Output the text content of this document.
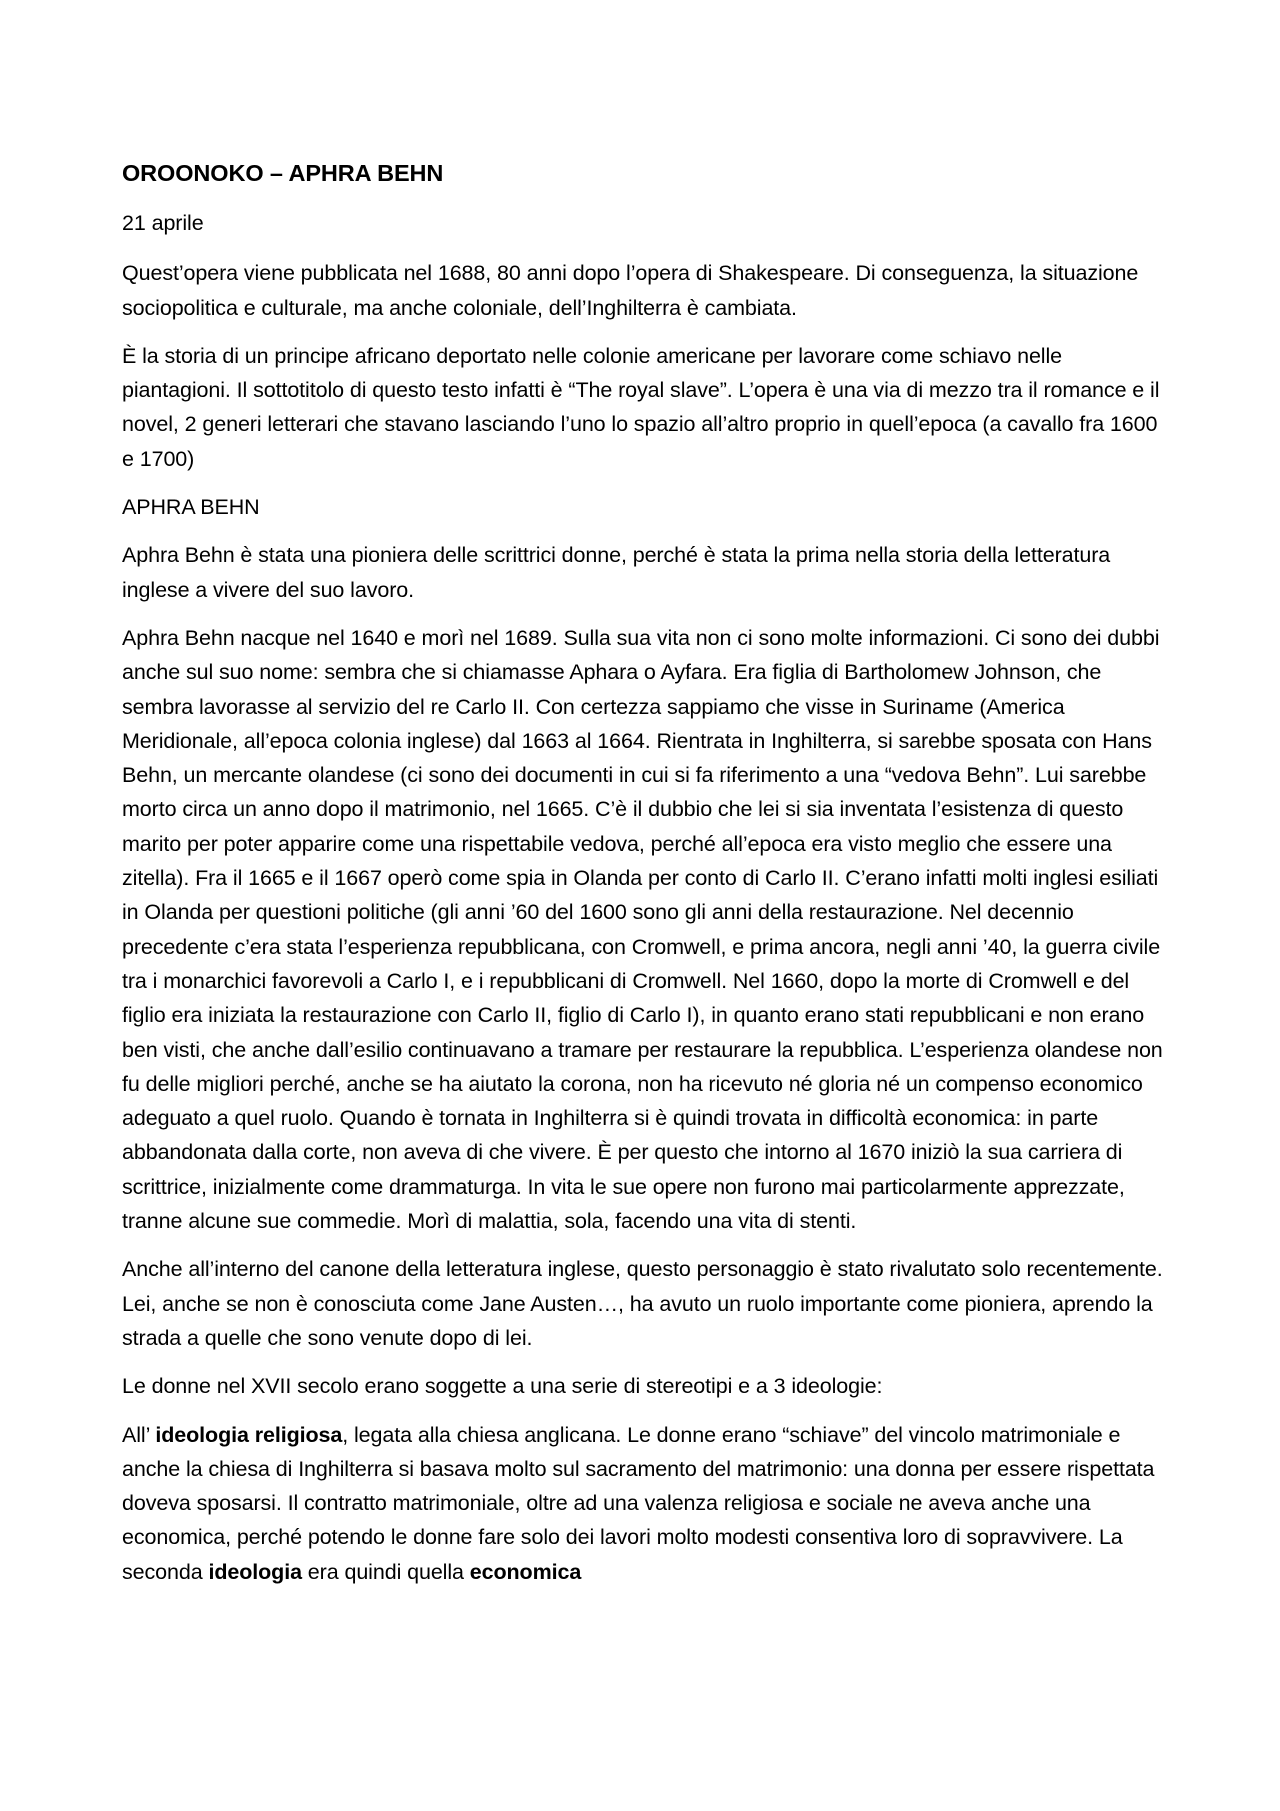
OROONOKO – APHRA BEHN

21 aprile

Quest’opera viene pubblicata nel 1688, 80 anni dopo l’opera di Shakespeare. Di conseguenza, la situazione sociopolitica e culturale, ma anche coloniale, dell’Inghilterra è cambiata.

È la storia di un principe africano deportato nelle colonie americane per lavorare come schiavo nelle piantagioni. Il sottotitolo di questo testo infatti è “The royal slave”. L’opera è una via di mezzo tra il romance e il novel, 2 generi letterari che stavano lasciando l’uno lo spazio all’altro proprio in quell’epoca (a cavallo fra 1600 e 1700)

APHRA BEHN

Aphra Behn è stata una pioniera delle scrittrici donne, perché è stata la prima nella storia della letteratura inglese a vivere del suo lavoro.

Aphra Behn nacque nel 1640 e morì nel 1689. Sulla sua vita non ci sono molte informazioni. Ci sono dei dubbi anche sul suo nome: sembra che si chiamasse Aphara o Ayfara. Era figlia di Bartholomew Johnson, che sembra lavorasse al servizio del re Carlo II. Con certezza sappiamo che visse in Suriname (America Meridionale, all’epoca colonia inglese) dal 1663 al 1664. Rientrata in Inghilterra, si sarebbe sposata con Hans Behn, un mercante olandese (ci sono dei documenti in cui si fa riferimento a una “vedova Behn”. Lui sarebbe morto circa un anno dopo il matrimonio, nel 1665. C’è il dubbio che lei si sia inventata l’esistenza di questo marito per poter apparire come una rispettabile vedova, perché all’epoca era visto meglio che essere una zitella). Fra il 1665 e il 1667 operò come spia in Olanda per conto di Carlo II. C’erano infatti molti inglesi esiliati in Olanda per questioni politiche (gli anni ’60 del 1600 sono gli anni della restaurazione. Nel decennio precedente c’era stata l’esperienza repubblicana, con Cromwell, e prima ancora, negli anni ’40, la guerra civile tra i monarchici favorevoli a Carlo I, e i repubblicani di Cromwell. Nel 1660, dopo la morte di Cromwell e del figlio era iniziata la restaurazione con Carlo II, figlio di Carlo I), in quanto erano stati repubblicani e non erano ben visti, che anche dall’esilio continuavano a tramare per restaurare la repubblica. L’esperienza olandese non fu delle migliori perché, anche se ha aiutato la corona, non ha ricevuto né gloria né un compenso economico adeguato a quel ruolo. Quando è tornata in Inghilterra si è quindi trovata in difficoltà economica: in parte abbandonata dalla corte, non aveva di che vivere. È per questo che intorno al 1670 iniziò la sua carriera di scrittrice, inizialmente come drammaturga. In vita le sue opere non furono mai particolarmente apprezzate, tranne alcune sue commedie. Morì di malattia, sola, facendo una vita di stenti.

Anche all’interno del canone della letteratura inglese, questo personaggio è stato rivalutato solo recentemente. Lei, anche se non è conosciuta come Jane Austen…, ha avuto un ruolo importante come pioniera, aprendo la strada a quelle che sono venute dopo di lei.

Le donne nel XVII secolo erano soggette a una serie di stereotipi e a 3 ideologie:

All’ ideologia religiosa, legata alla chiesa anglicana. Le donne erano “schiave” del vincolo matrimoniale e anche la chiesa di Inghilterra si basava molto sul sacramento del matrimonio: una donna per essere rispettata doveva sposarsi. Il contratto matrimoniale, oltre ad una valenza religiosa e sociale ne aveva anche una economica, perché potendo le donne fare solo dei lavori molto modesti consentiva loro di sopravvivere. La seconda ideologia era quindi quella economica
